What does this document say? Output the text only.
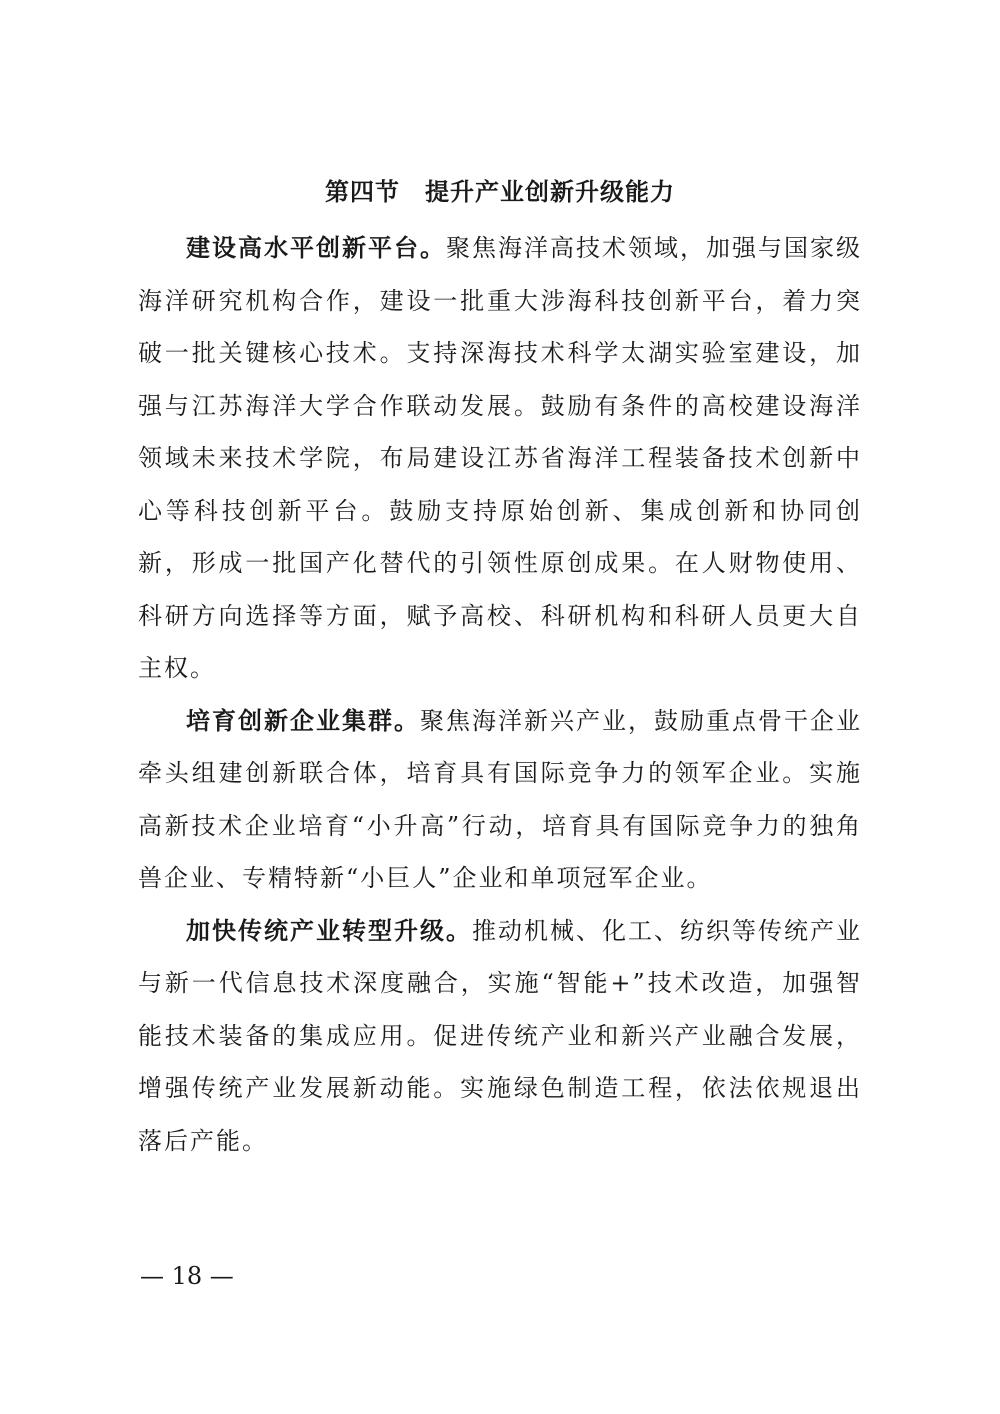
第四节　提升产业创新升级能力

建设高水平创新平台。聚焦海洋高技术领域，加强与国家级海洋研究机构合作，建设一批重大涉海科技创新平台，着力突破一批关键核心技术。支持深海技术科学太湖实验室建设，加强与江苏海洋大学合作联动发展。鼓励有条件的高校建设海洋领域未来技术学院，布局建设江苏省海洋工程装备技术创新中心等科技创新平台。鼓励支持原始创新、集成创新和协同创新，形成一批国产化替代的引领性原创成果。在人财物使用、科研方向选择等方面，赋予高校、科研机构和科研人员更大自主权。

培育创新企业集群。聚焦海洋新兴产业，鼓励重点骨干企业牵头组建创新联合体，培育具有国际竞争力的领军企业。实施高新技术企业培育“小升高”行动，培育具有国际竞争力的独角兽企业、专精特新“小巨人”企业和单项冠军企业。

加快传统产业转型升级。推动机械、化工、纺织等传统产业与新一代信息技术深度融合，实施“智能+”技术改造，加强智能技术装备的集成应用。促进传统产业和新兴产业融合发展，增强传统产业发展新动能。实施绿色制造工程，依法依规退出落后产能。

— 18 —
